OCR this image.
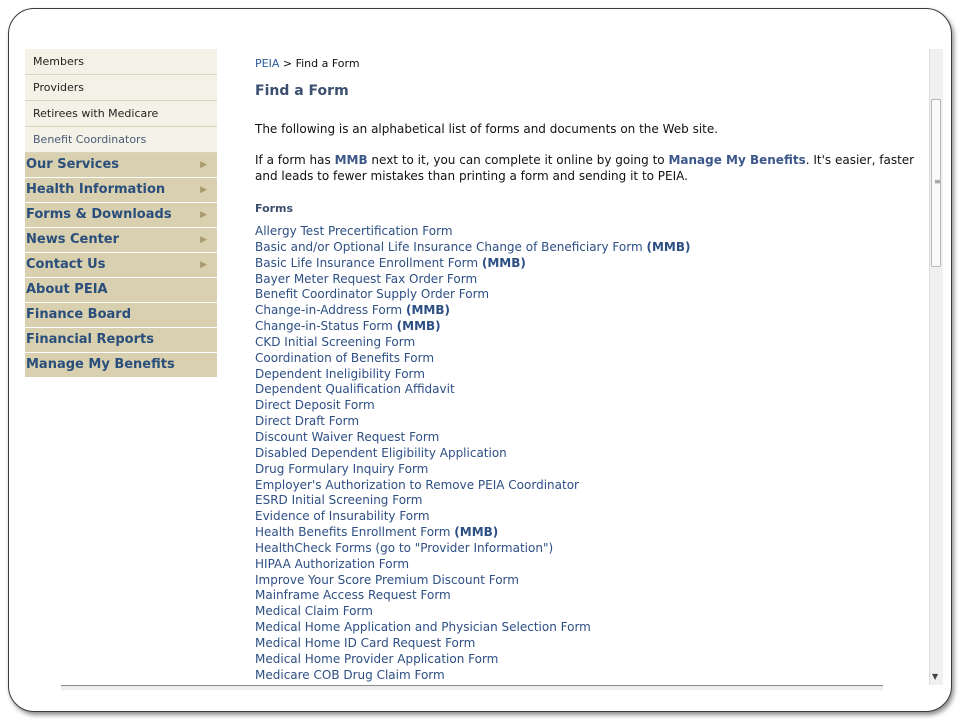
Members
Providers
Retirees with Medicare
Benefit Coordinators
Our Services	▶
Health Information	▶
Forms & Downloads	▶
News Center	▶
Contact Us	▶
About PEIA
Finance Board
Financial Reports
Manage My Benefits
PEIA > Find a Form
Find a Form
The following is an alphabetical list of forms and documents on the Web site.
If a form has MMB next to it, you can complete it online by going to Manage My Benefits. It's easier, faster and leads to fewer mistakes than printing a form and sending it to PEIA.
Forms
Allergy Test Precertification Form
Basic and/or Optional Life Insurance Change of Beneficiary Form (MMB)
Basic Life Insurance Enrollment Form (MMB)
Bayer Meter Request Fax Order Form
Benefit Coordinator Supply Order Form
Change-in-Address Form (MMB)
Change-in-Status Form (MMB)
CKD Initial Screening Form
Coordination of Benefits Form
Dependent Ineligibility Form
Dependent Qualification Affidavit
Direct Deposit Form
Direct Draft Form
Discount Waiver Request Form
Disabled Dependent Eligibility Application
Drug Formulary Inquiry Form
Employer's Authorization to Remove PEIA Coordinator
ESRD Initial Screening Form
Evidence of Insurability Form
Health Benefits Enrollment Form (MMB)
HealthCheck Forms (go to "Provider Information")
HIPAA Authorization Form
Improve Your Score Premium Discount Form
Mainframe Access Request Form
Medical Claim Form
Medical Home Application and Physician Selection Form
Medical Home ID Card Request Form
Medical Home Provider Application Form
Medicare COB Drug Claim Form
≡
▼
